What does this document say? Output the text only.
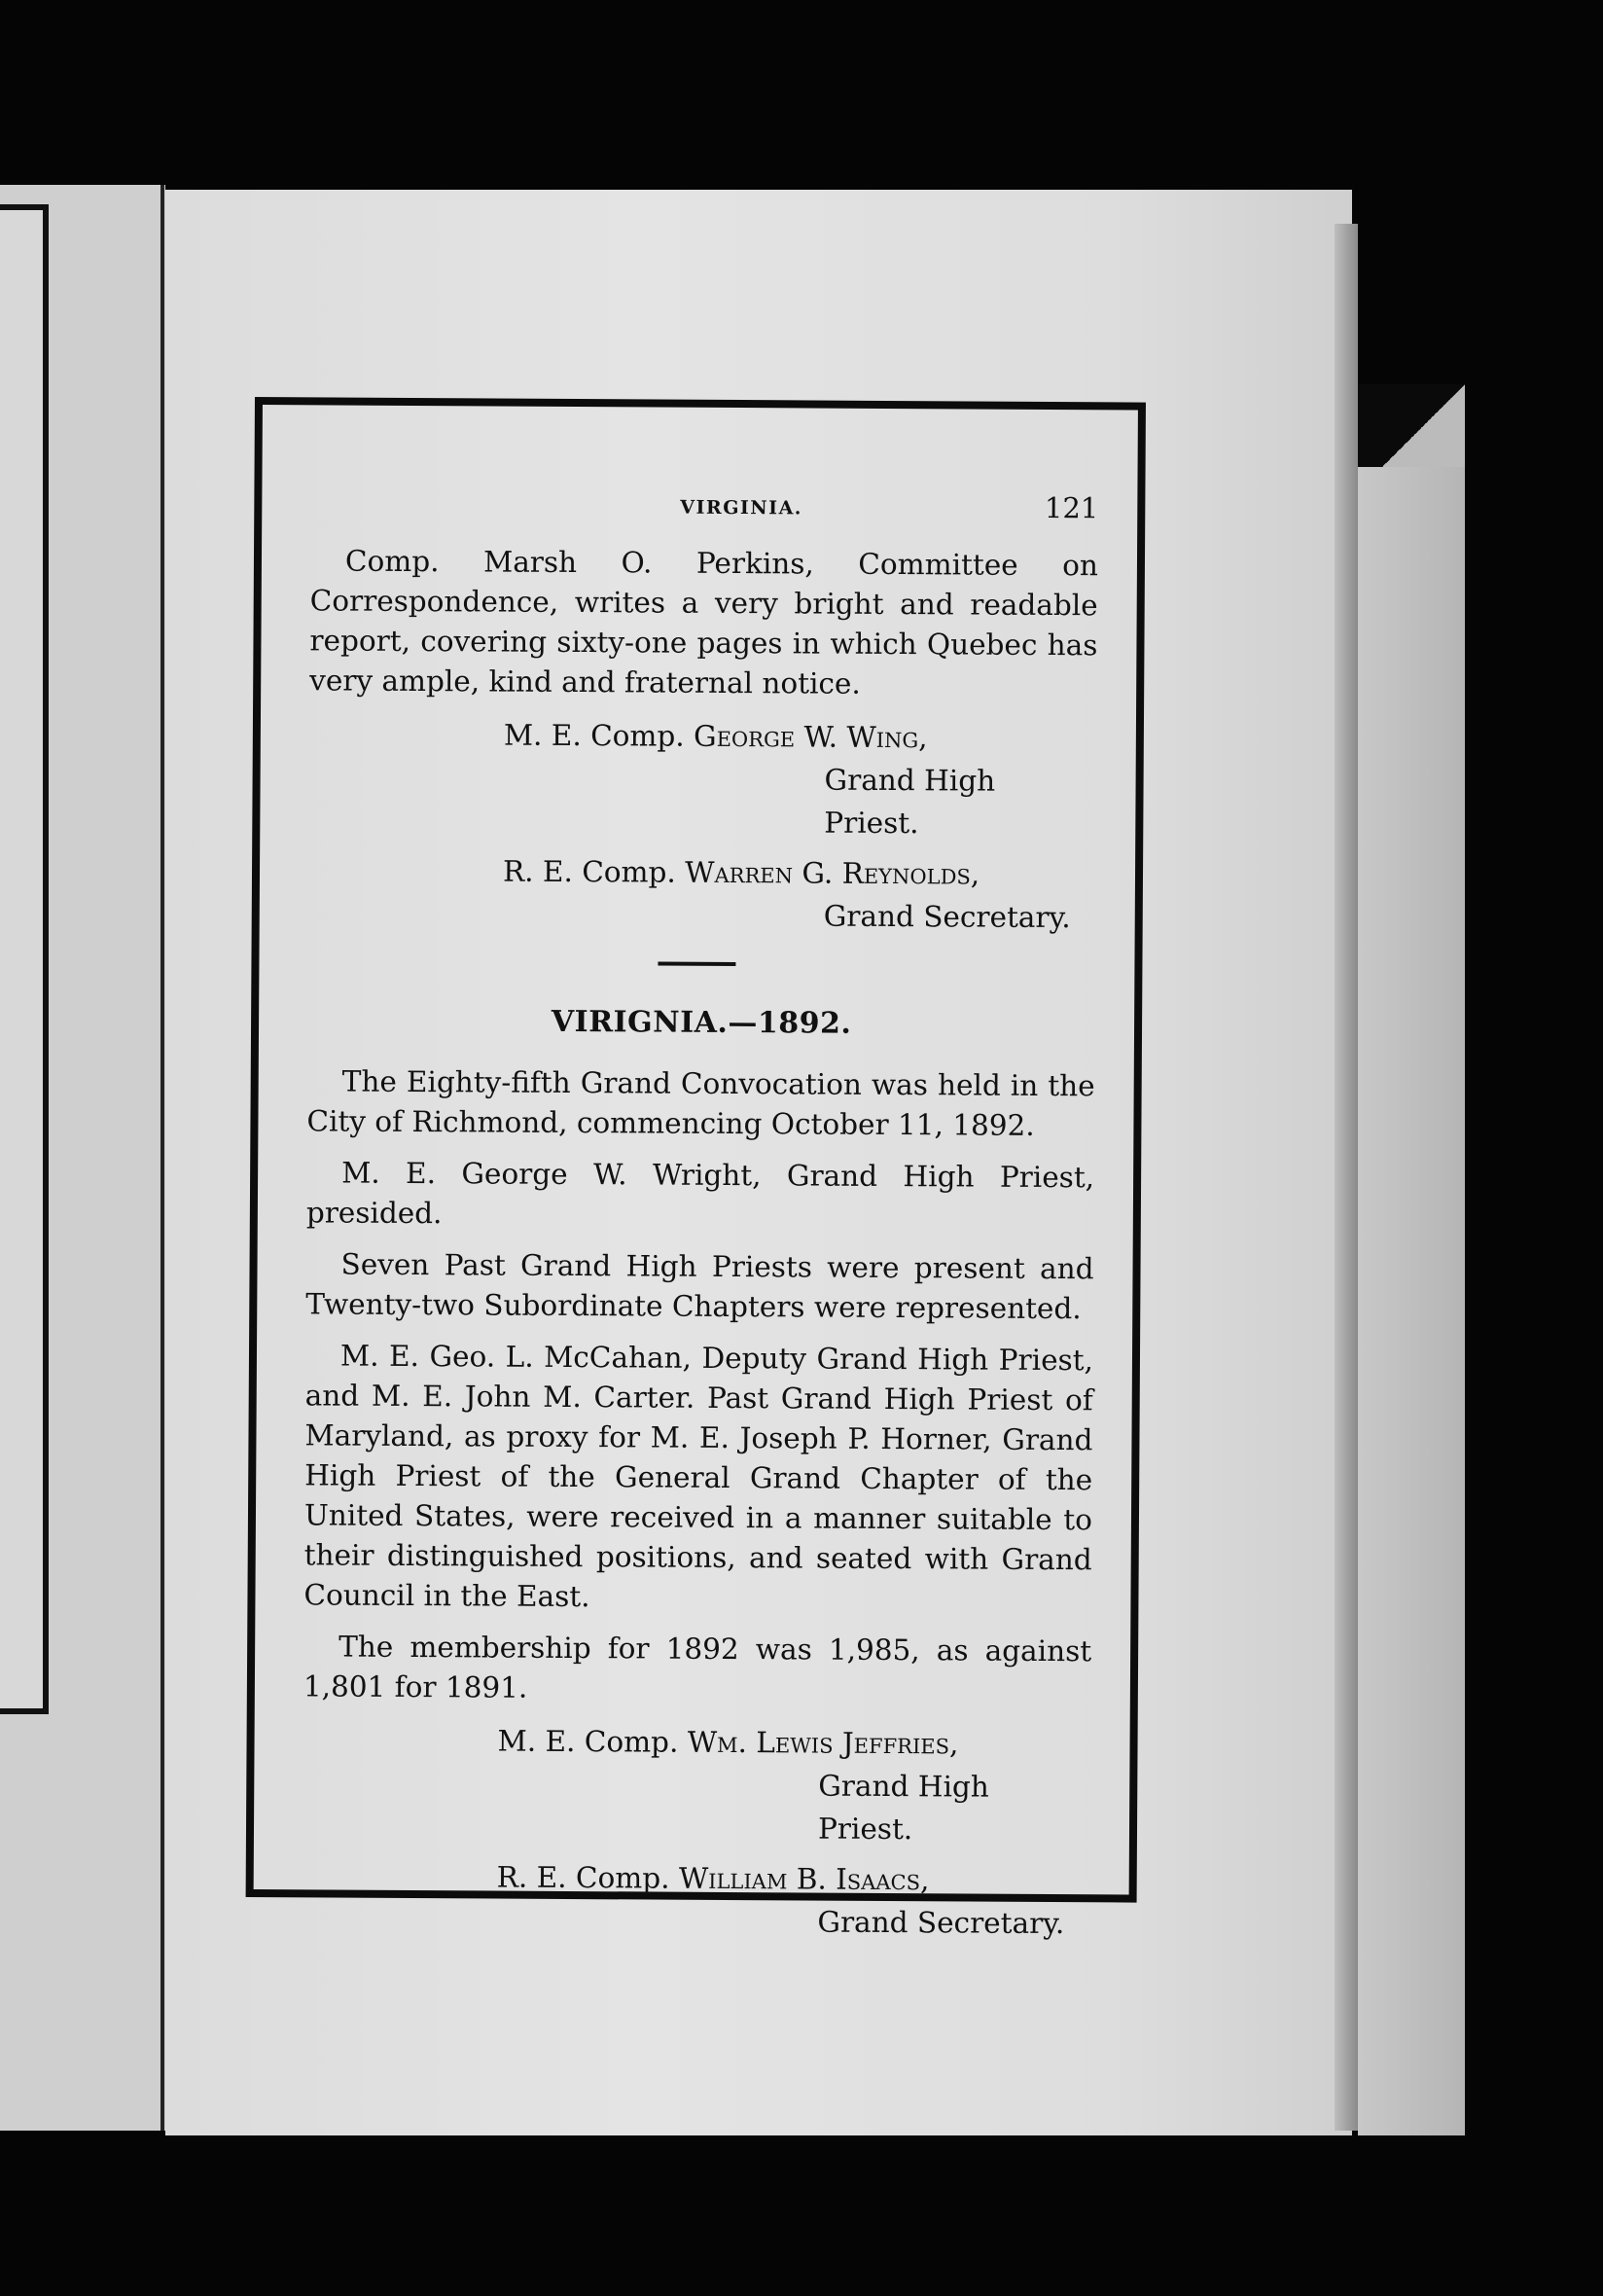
VIRGINIA.	121

Comp. Marsh O. Perkins, Committee on Correspondence, writes a very bright and readable report, covering sixty-one pages in which Quebec has very ample, kind and fraternal notice.

M. E. Comp. George W. Wing,

Grand High Priest.

R. E. Comp. Warren G. Reynolds,

Grand Secretary.

VIRIGNIA.—1892.

The Eighty-fifth Grand Convocation was held in the City of Richmond, commencing October 11, 1892.

M. E. George W. Wright, Grand High Priest, presided.

Seven Past Grand High Priests were present and Twenty-two Subordinate Chapters were represented.

M. E. Geo. L. McCahan, Deputy Grand High Priest, and M. E. John M. Carter. Past Grand High Priest of Maryland, as proxy for M. E. Joseph P. Horner, Grand High Priest of the General Grand Chapter of the United States, were received in a manner suitable to their distinguished positions, and seated with Grand Council in the East.

The membership for 1892 was 1,985, as against 1,801 for 1891.

M. E. Comp. Wm. Lewis Jeffries,

Grand High Priest.

R. E. Comp. William B. Isaacs,

Grand Secretary.
